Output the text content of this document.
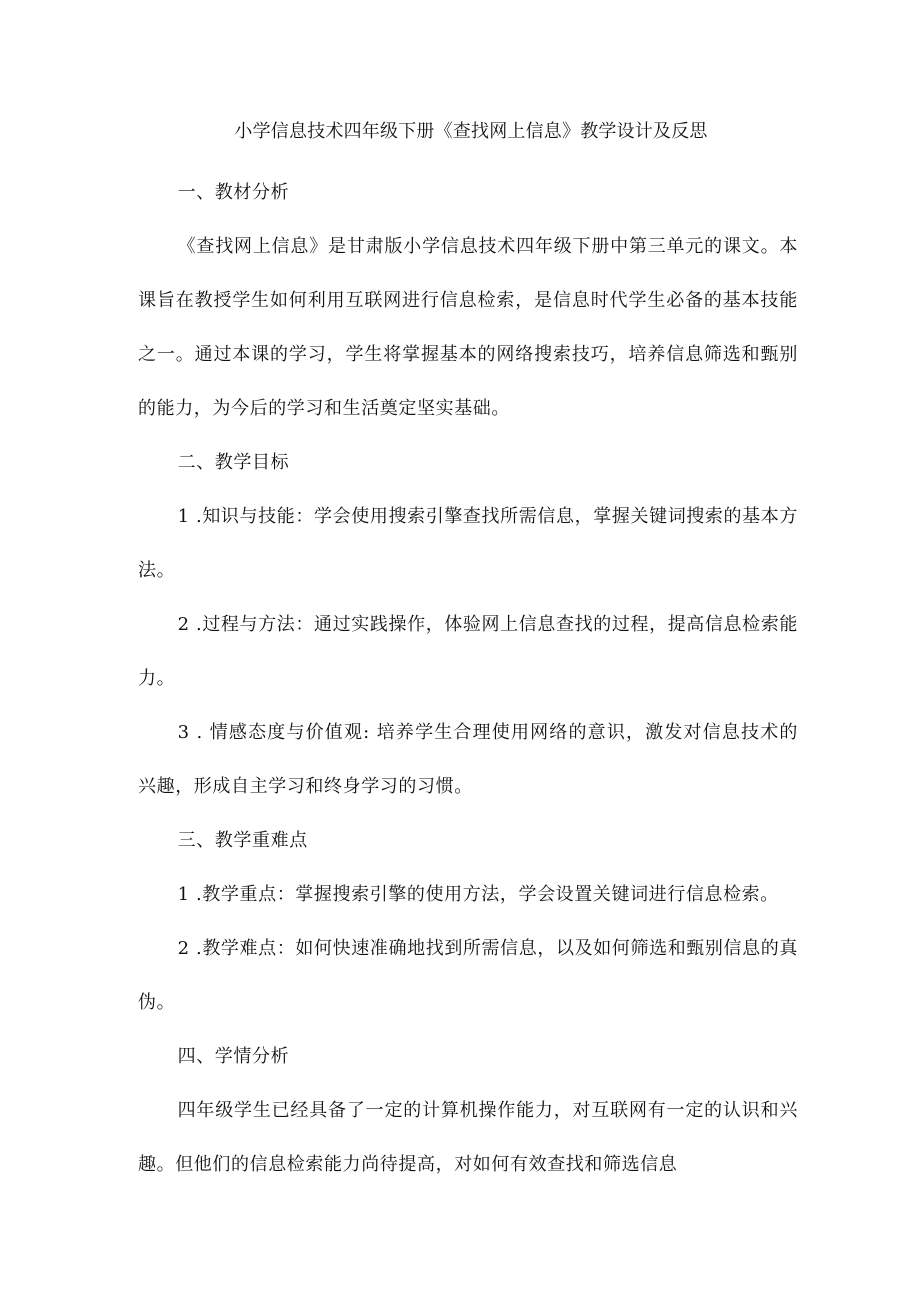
小学信息技术四年级下册《查找网上信息》教学设计及反思

一、教材分析

《查找网上信息》是甘肃版小学信息技术四年级下册中第三单元的课文。本课旨在教授学生如何利用互联网进行信息检索，是信息时代学生必备的基本技能之一。通过本课的学习，学生将掌握基本的网络搜索技巧，培养信息筛选和甄别的能力，为今后的学习和生活奠定坚实基础。

二、教学目标

1 .知识与技能：学会使用搜索引擎查找所需信息，掌握关键词搜索的基本方法。

2 .过程与方法：通过实践操作，体验网上信息查找的过程，提高信息检索能力。

3 . 情感态度与价值观: 培养学生合理使用网络的意识，激发对信息技术的兴趣，形成自主学习和终身学习的习惯。

三、教学重难点

1 .教学重点：掌握搜索引擎的使用方法，学会设置关键词进行信息检索。

2 .教学难点：如何快速准确地找到所需信息，以及如何筛选和甄别信息的真伪。

四、学情分析

四年级学生已经具备了一定的计算机操作能力，对互联网有一定的认识和兴趣。但他们的信息检索能力尚待提高，对如何有效查找和筛选信息
